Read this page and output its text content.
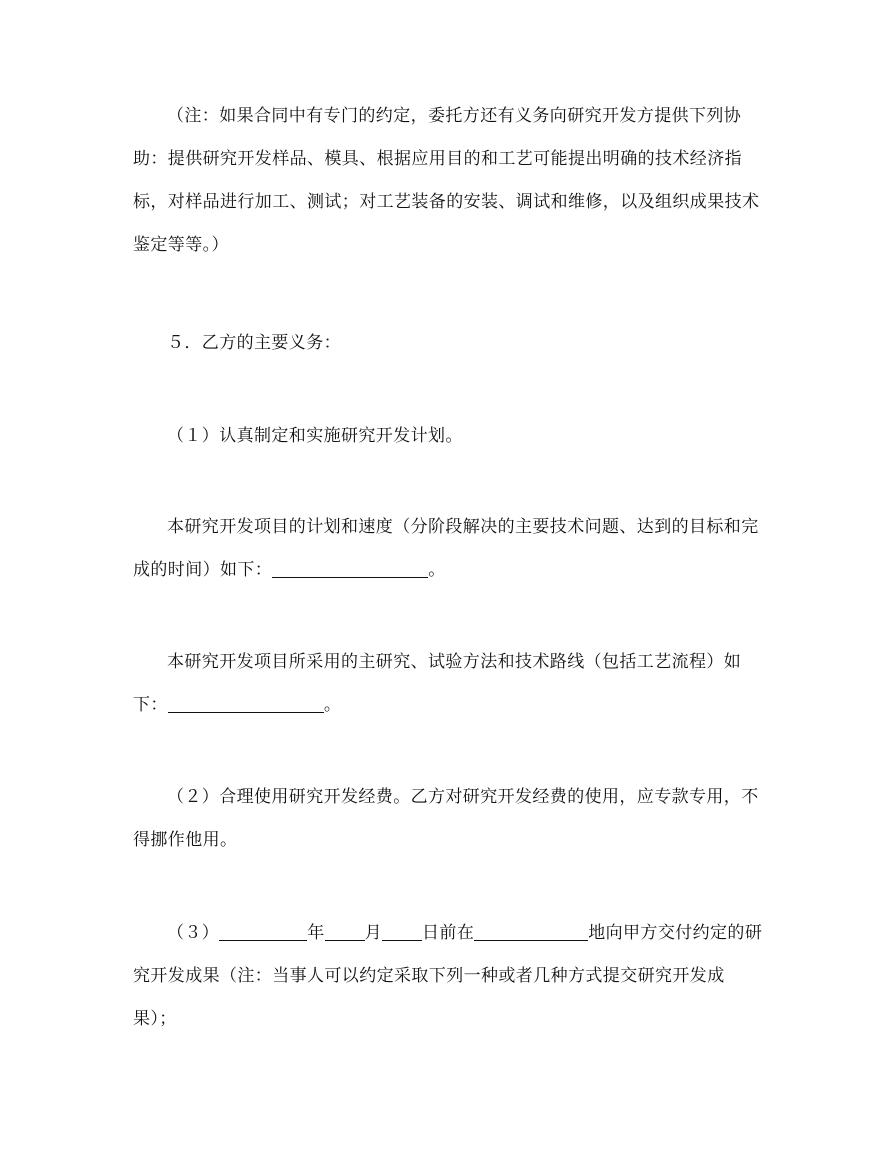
（注：如果合同中有专门的约定，委托方还有义务向研究开发方提供下列协助：提供研究开发样品、模具、根据应用目的和工艺可能提出明确的技术经济指标，对样品进行加工、测试；对工艺装备的安装、调试和维修，以及组织成果技术鉴定等等。）

５．乙方的主要义务：

（１）认真制定和实施研究开发计划。

本研究开发项目的计划和速度（分阶段解决的主要技术问题、达到的目标和完成的时间）如下：	。

本研究开发项目所采用的主研究、试验方法和技术路线（包括工艺流程）如下：	。

（２）合理使用研究开发经费。乙方对研究开发经费的使用，应专款专用，不得挪作他用。

（３）	年 月 日前在	地向甲方交付约定的研究开发成果（注：当事人可以约定采取下列一种或者几种方式提交研究开发成果）；
